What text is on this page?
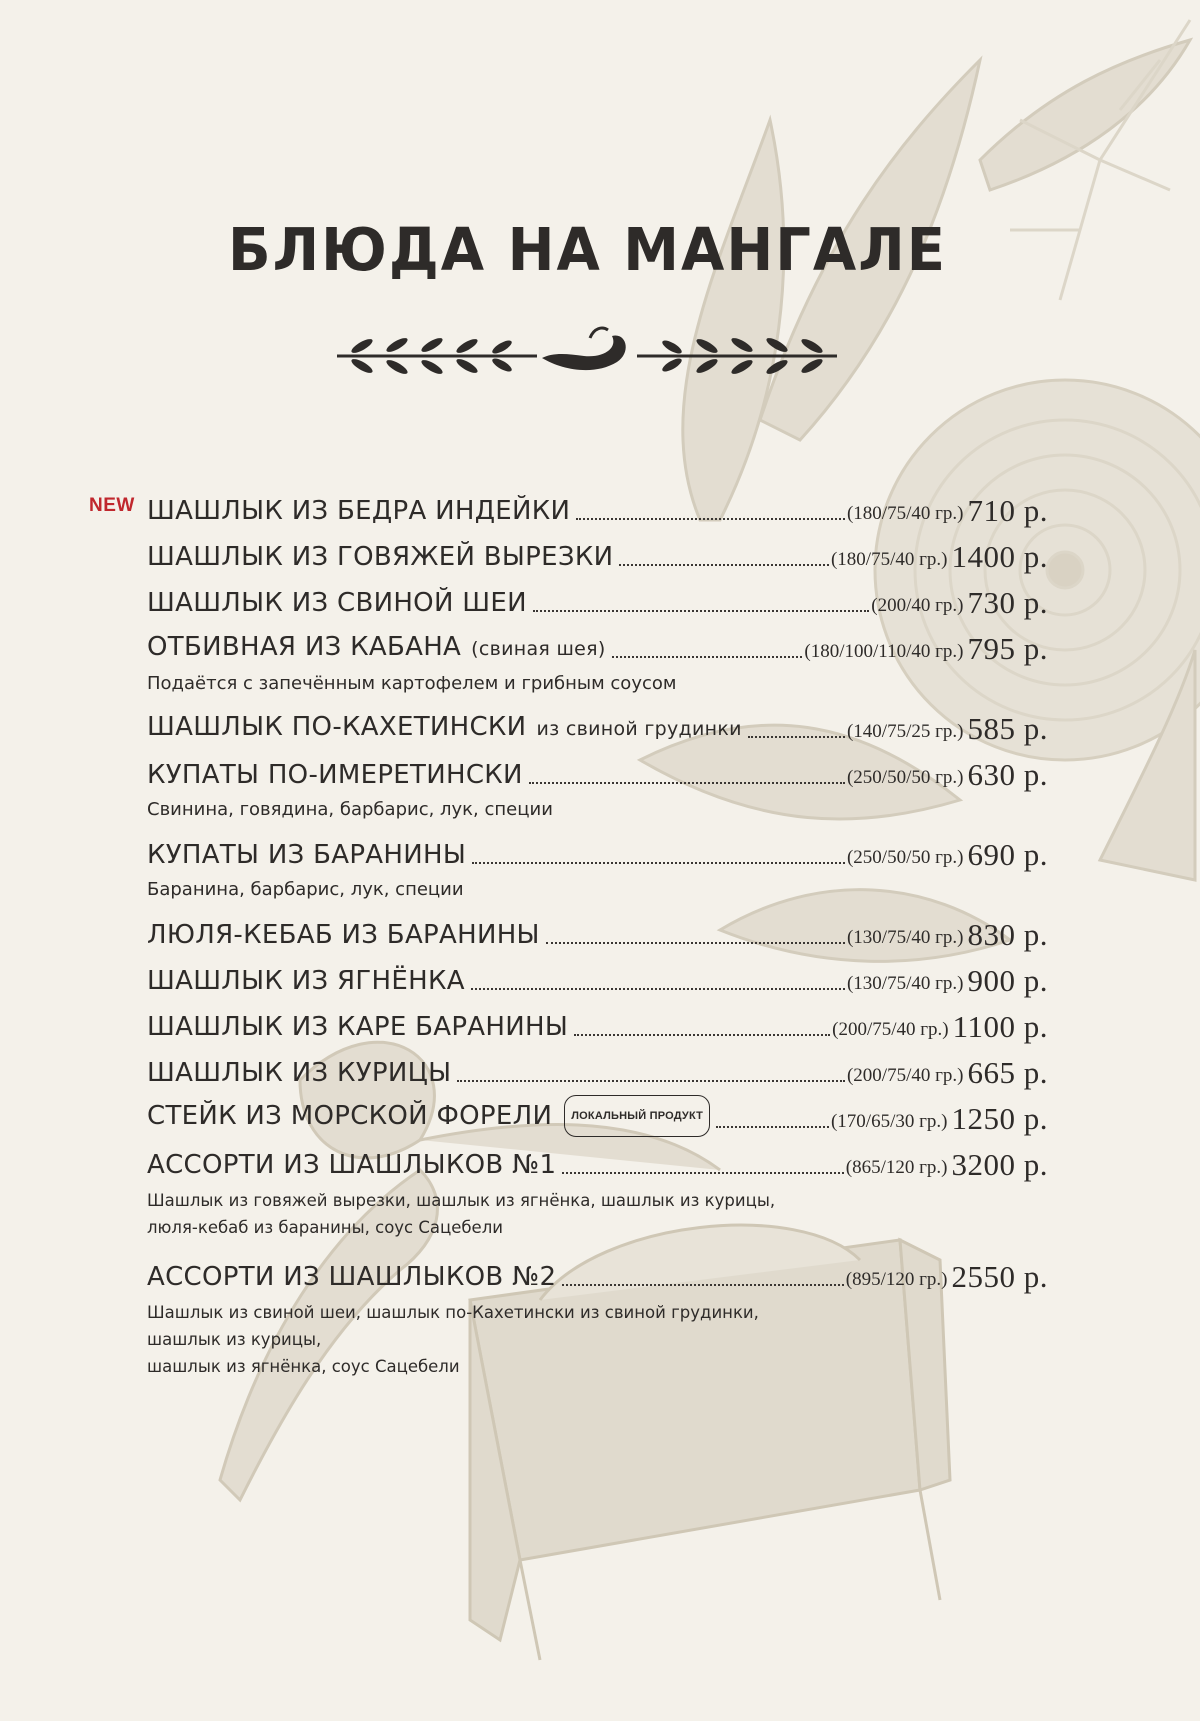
БЛЮДА НА МАНГАЛЕ
NEW ШАШЛЫК ИЗ БЕДРА ИНДЕЙКИ	(180/75/40 гр.) 710 р.
ШАШЛЫК ИЗ ГОВЯЖЕЙ ВЫРЕЗКИ	(180/75/40 гр.) 1400 р.
ШАШЛЫК ИЗ СВИНОЙ ШЕИ	(200/40 гр.) 730 р.
ОТБИВНАЯ ИЗ КАБАНА (свиная шея)	(180/100/110/40 гр.) 795 р.
Подаётся с запечённым картофелем и грибным соусом
ШАШЛЫК ПО-КАХЕТИНСКИ из свиной грудинки	(140/75/25 гр.) 585 р.
КУПАТЫ ПО-ИМЕРЕТИНСКИ	(250/50/50 гр.) 630 р.
Свинина, говядина, барбарис, лук, специи
КУПАТЫ ИЗ БАРАНИНЫ	(250/50/50 гр.) 690 р.
Баранина, барбарис, лук, специи
ЛЮЛЯ-КЕБАБ ИЗ БАРАНИНЫ	(130/75/40 гр.) 830 р.
ШАШЛЫК ИЗ ЯГНЁНКА	(130/75/40 гр.) 900 р.
ШАШЛЫК ИЗ КАРЕ БАРАНИНЫ	(200/75/40 гр.) 1100 р.
ШАШЛЫК ИЗ КУРИЦЫ	(200/75/40 гр.) 665 р.
СТЕЙК ИЗ МОРСКОЙ ФОРЕЛИ ЛОКАЛЬНЫЙ ПРОДУКТ	(170/65/30 гр.) 1250 р.
АССОРТИ ИЗ ШАШЛЫКОВ №1	(865/120 гр.) 3200 р.
Шашлык из говяжей вырезки, шашлык из ягнёнка, шашлык из курицы,
люля-кебаб из баранины, соус Сацебели
АССОРТИ ИЗ ШАШЛЫКОВ №2	(895/120 гр.) 2550 р.
Шашлык из свиной шеи, шашлык по-Кахетински из свиной грудинки, шашлык из курицы,
шашлык из ягнёнка, соус Сацебели
